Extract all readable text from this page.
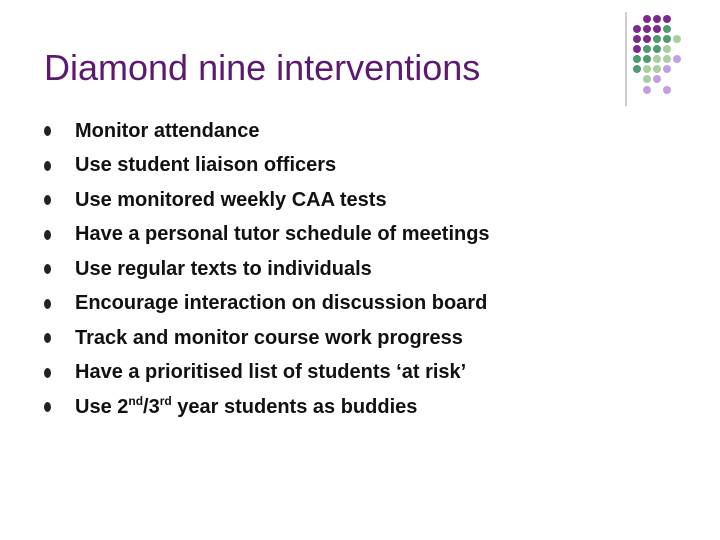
Diamond nine interventions
Monitor attendance
Use student liaison officers
Use monitored weekly CAA tests
Have a personal tutor schedule of meetings
Use regular texts to individuals
Encourage interaction on discussion board
Track and monitor course work progress
Have a prioritised list of students ‘at risk’
Use 2nd/3rd year students as buddies
